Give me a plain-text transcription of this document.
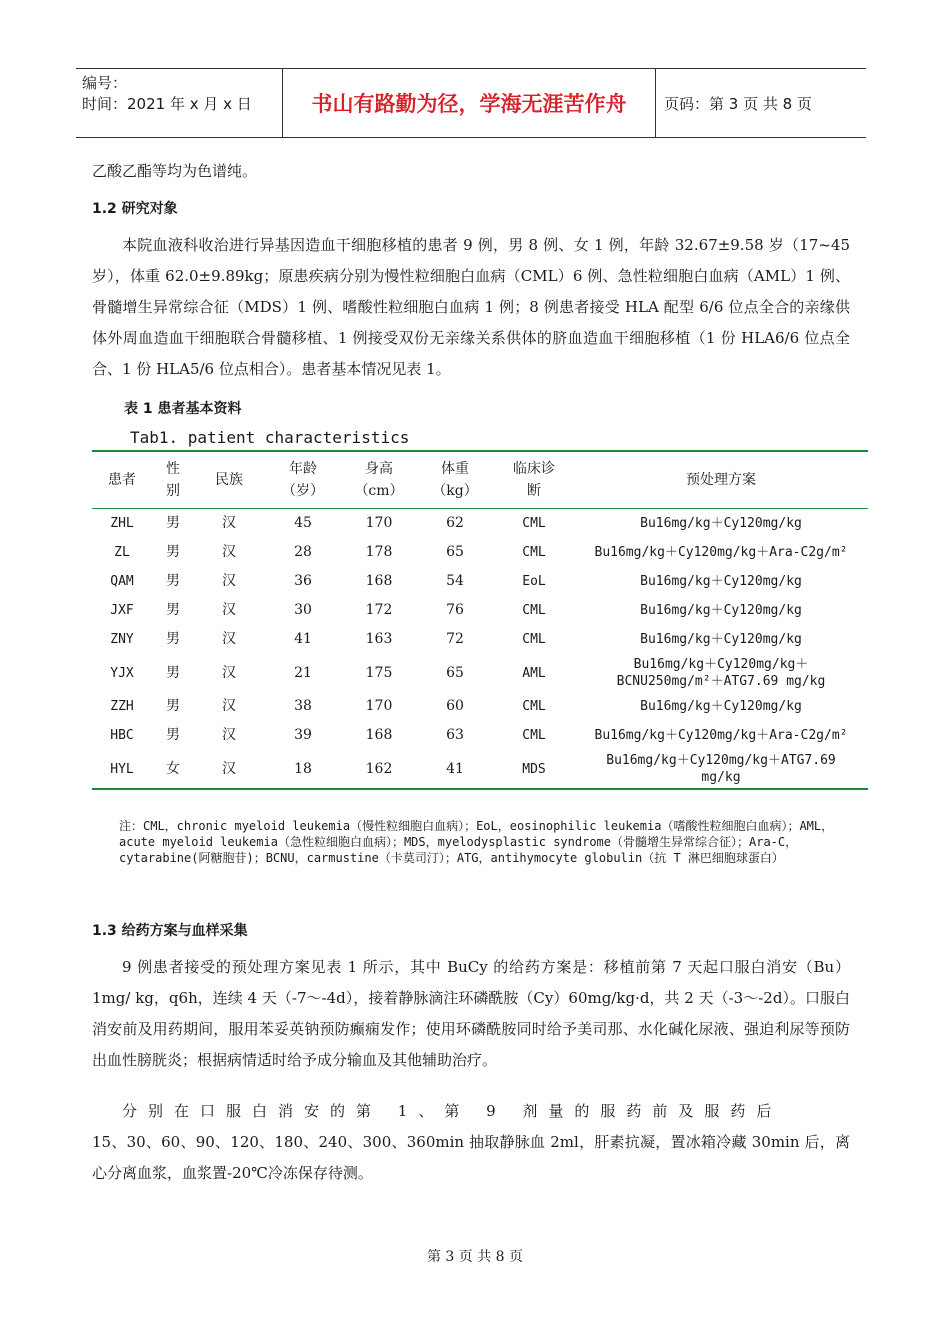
编号：
时间：2021 年 x 月 x 日	书山有路勤为径，学海无涯苦作舟	页码：第 3 页 共 8 页
乙酸乙酯等均为色谱纯。
1.2 研究对象
本院血液科收治进行异基因造血干细胞移植的患者 9 例，男 8 例、女 1 例，年龄 32.67±9.58 岁（17~45 岁），体重 62.0±9.89kg；原患疾病分别为慢性粒细胞白血病（CML）6 例、急性粒细胞白血病（AML）1 例、骨髓增生异常综合征（MDS）1 例、嗜酸性粒细胞白血病 1 例；8 例患者接受 HLA 配型 6/6 位点全合的亲缘供体外周血造血干细胞联合骨髓移植、1 例接受双份无亲缘关系供体的脐血造血干细胞移植（1 份 HLA6/6 位点全合、1 份 HLA5/6 位点相合）。患者基本情况见表 1。
表 1 患者基本资料
Tab1. patient characteristics
患者	性别	民族	年龄（岁）	身高（cm）	体重（kg）	临床诊断	预处理方案
ZHL	男	汉	45	170	62	CML	Bu16mg/kg＋Cy120mg/kg
ZL	男	汉	28	178	65	CML	Bu16mg/kg＋Cy120mg/kg＋Ara-C2g/m²
QAM	男	汉	36	168	54	EoL	Bu16mg/kg＋Cy120mg/kg
JXF	男	汉	30	172	76	CML	Bu16mg/kg＋Cy120mg/kg
ZNY	男	汉	41	163	72	CML	Bu16mg/kg＋Cy120mg/kg
YJX	男	汉	21	175	65	AML	Bu16mg/kg＋Cy120mg/kg＋BCNU250mg/m²＋ATG7.69 mg/kg
ZZH	男	汉	38	170	60	CML	Bu16mg/kg＋Cy120mg/kg
HBC	男	汉	39	168	63	CML	Bu16mg/kg＋Cy120mg/kg＋Ara-C2g/m²
HYL	女	汉	18	162	41	MDS	Bu16mg/kg＋Cy120mg/kg＋ATG7.69 mg/kg
注：CML，chronic myeloid leukemia（慢性粒细胞白血病）；EoL，eosinophilic leukemia（嗜酸性粒细胞白血病）；AML，acute myeloid leukemia（急性粒细胞白血病）；MDS，myelodysplastic syndrome（骨髓增生异常综合征）；Ara-C，cytarabine(阿糖胞苷)；BCNU，carmustine（卡莫司汀）；ATG，antihymocyte globulin（抗 T 淋巴细胞球蛋白）
1.3 给药方案与血样采集
9 例患者接受的预处理方案见表 1 所示，其中 BuCy 的给药方案是：移植前第 7 天起口服白消安（Bu） 1mg/ kg，q6h，连续 4 天（-7～-4d），接着静脉滴注环磷酰胺（Cy）60mg/kg·d，共 2 天（-3～-2d）。口服白消安前及用药期间，服用苯妥英钠预防癫痫发作；使用环磷酰胺同时给予美司那、水化碱化尿液、强迫利尿等预防出血性膀胱炎；根据病情适时给予成分输血及其他辅助治疗。
分别在口服白消安的第 1、第 9 剂量的服药前及服药后
15、30、60、90、120、180、240、300、360min 抽取静脉血 2ml，肝素抗凝，置冰箱冷藏 30min 后，离心分离血浆，血浆置-20℃冷冻保存待测。
第 3 页 共 8 页
